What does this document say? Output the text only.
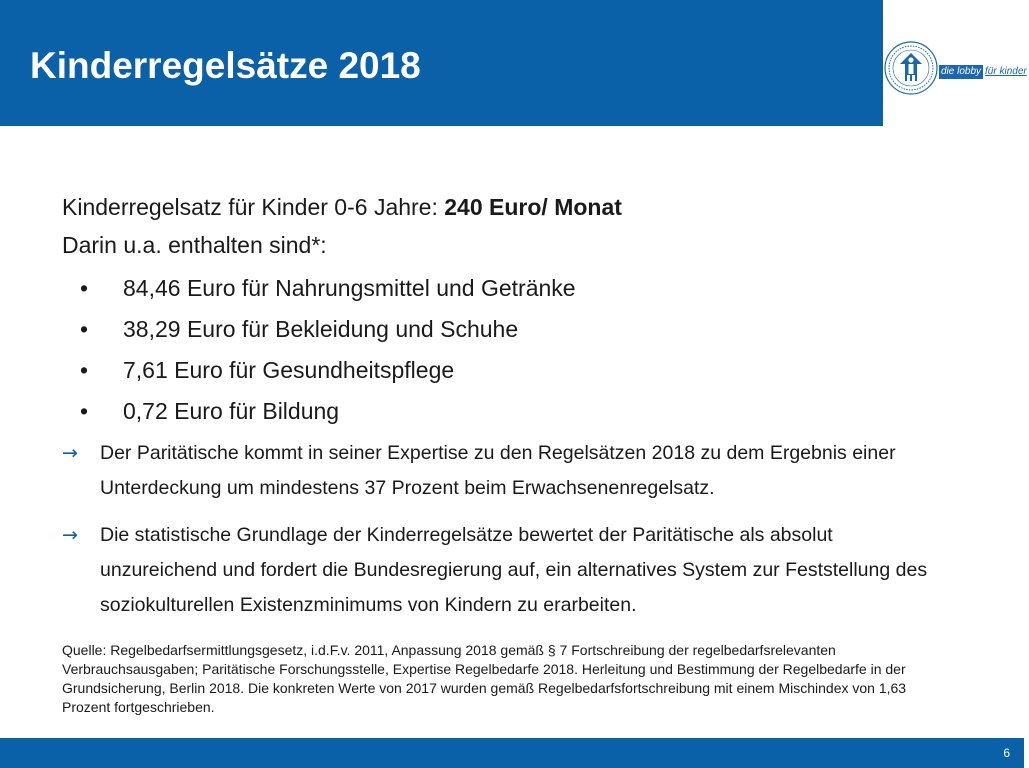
Kinderregelsätze 2018	die lobby für kinder

Kinderregelsatz für Kinder 0-6 Jahre: 240 Euro/ Monat

Darin u.a. enthalten sind*:

• 84,46 Euro für Nahrungsmittel und Getränke
• 38,29 Euro für Bekleidung und Schuhe
• 7,61 Euro für Gesundheitspflege
• 0,72 Euro für Bildung
→ Der Paritätische kommt in seiner Expertise zu den Regelsätzen 2018 zu dem Ergebnis einer Unterdeckung um mindestens 37 Prozent beim Erwachsenenregelsatz.
→ Die statistische Grundlage der Kinderregelsätze bewertet der Paritätische als absolut unzureichend und fordert die Bundesregierung auf, ein alternatives System zur Feststellung des soziokulturellen Existenzminimums von Kindern zu erarbeiten.

Quelle: Regelbedarfsermittlungsgesetz, i.d.F.v. 2011, Anpassung 2018 gemäß § 7 Fortschreibung der regelbedarfsrelevanten Verbrauchsausgaben; Paritätische Forschungsstelle, Expertise Regelbedarfe 2018. Herleitung und Bestimmung der Regelbedarfe in der Grundsicherung, Berlin 2018. Die konkreten Werte von 2017 wurden gemäß Regelbedarfsfortschreibung mit einem Mischindex von 1,63 Prozent fortgeschrieben.

6
